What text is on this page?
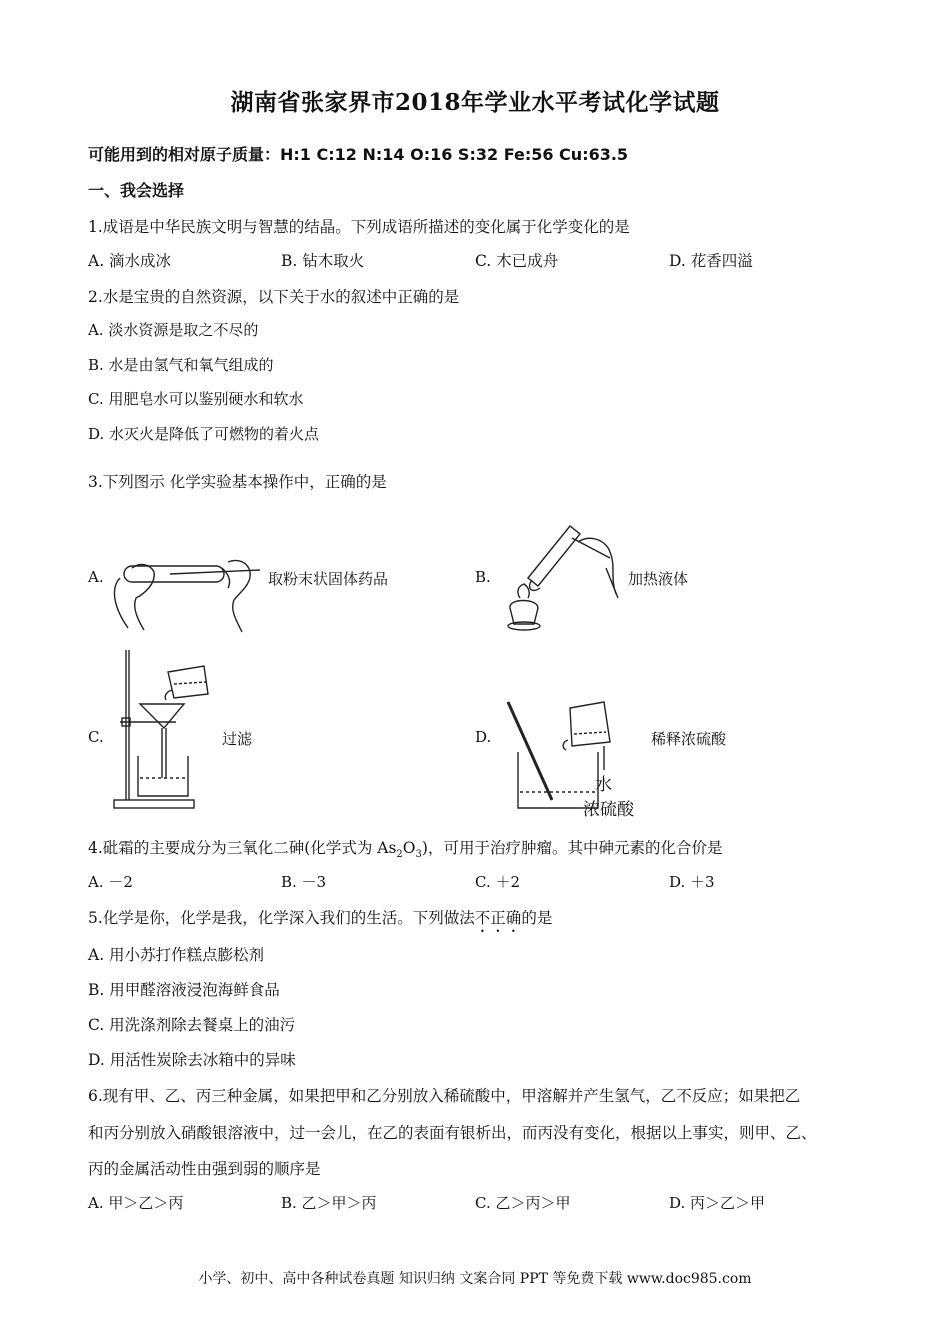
湖南省张家界市2018年学业水平考试化学试题
可能用到的相对原子质量：H:1 C:12 N:14 O:16 S:32 Fe:56 Cu:63.5
一、我会选择
1.成语是中华民族文明与智慧的结晶。下列成语所描述的变化属于化学变化的是
A. 滴水成冰	B. 钻木取火	C. 木已成舟	D. 花香四溢
2.水是宝贵的自然资源，以下关于水的叙述中正确的是
A. 淡水资源是取之不尽的
B. 水是由氢气和氧气组成的
C. 用肥皂水可以鉴别硬水和软水
D. 水灭火是降低了可燃物的着火点
3.下列图示 化学实验基本操作中，正确的是
A.	取粉末状固体药品	B.	加热液体
C.	过滤	D.
水
浓硫酸
稀释浓硫酸
4.砒霜的主要成分为三氧化二砷(化学式为 $As_2O_3$)，可用于治疗肿瘤。其中砷元素的化合价是
A. －2	B. －3	C. ＋2	D. ＋3
5.化学是你，化学是我，化学深入我们的生活。下列做法不正确的是
A. 用小苏打作糕点膨松剂
B. 用甲醛溶液浸泡海鲜食品
C. 用洗涤剂除去餐桌上的油污
D. 用活性炭除去冰箱中的异味
6.现有甲、乙、丙三种金属，如果把甲和乙分别放入稀硫酸中，甲溶解并产生氢气，乙不反应；如果把乙
和丙分别放入硝酸银溶液中，过一会儿，在乙的表面有银析出，而丙没有变化，根据以上事实，则甲、乙、
丙的金属活动性由强到弱的顺序是
A. 甲＞乙＞丙	B. 乙＞甲＞丙	C. 乙＞丙＞甲	D. 丙＞乙＞甲
小学、初中、高中各种试卷真题 知识归纳 文案合同 PPT 等免费下载 www.doc985.com
